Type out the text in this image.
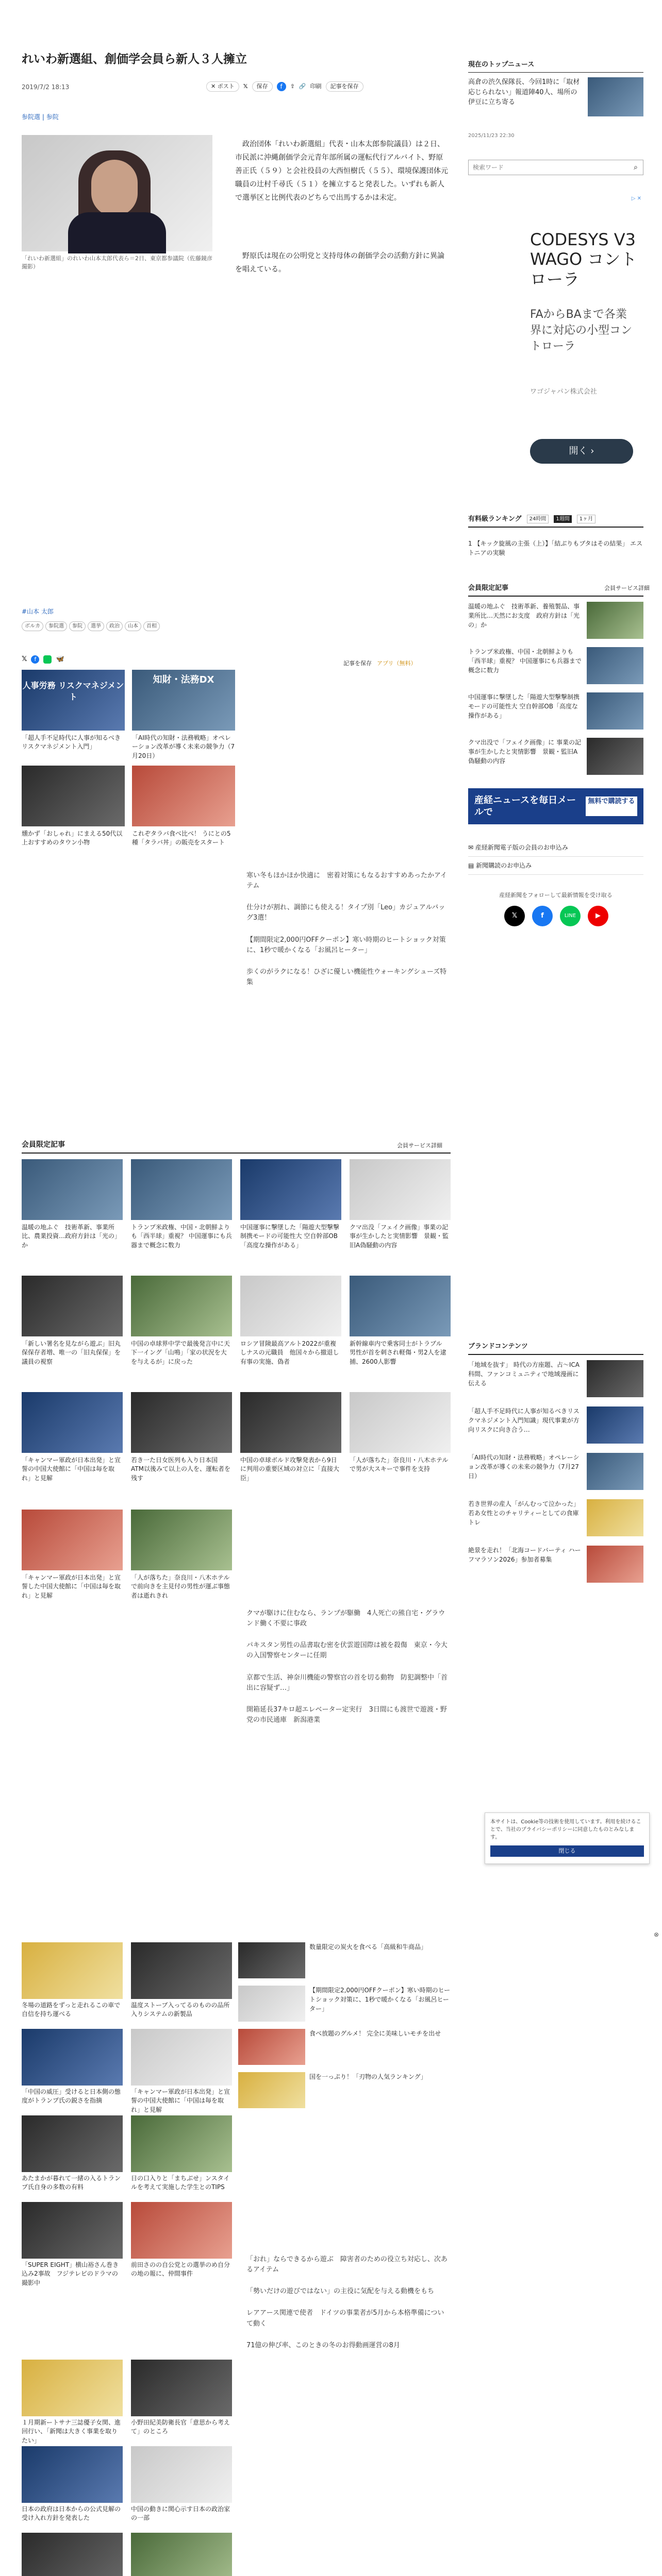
れいわ新選組、創価学会員ら新人３人擁立
2019/7/2 18:13	✕ ポスト	𝕏	保存	f	⇪ 🔗 印刷	記事を保存
参院選 | 参院
「れいわ新選組」のれいわ山本太郎代表ら＝2日、東京都参議院（佐藤鏡彦撮影）
政治団体「れいわ新選組」代表・山本太郎参院議員）は２日、市民派に沖縄創価学会元青年部所属の運転代行アルバイト、野原善正氏（５９）と会社役員の大西恒樹氏（５５）、環境保護団体元職員の辻村千尋氏（５１）を擁立すると発表した。いずれも新人で選挙区と比例代表のどちらで出馬するかは未定。
野原氏は現在の公明党と支持母体の創価学会の活動方針に異論を唱えている。
#山本 太郎
ボルカ 参院選 参院 選挙 政治 山本 首相
𝕏	f	🦋
記事を保存 アプリ（無料）
人事労務 リスクマネジメント
知財・法務DX
「超人手不足時代に人事が知るべきリスクマネジメント入門」
「AI時代の知財・法務戦略」オペレーション改革が導く未来の競争力（7月20日）
燻かず「おしゃれ」にまえる50代以上おすすめのタウン小物
これぞタラバ食べ比べ！ うにとの5種「タラバ丼」の販売をスタート
寒い冬もほかほか快適に　密着対策にもなるおすすめあったかアイテム
仕分けが割れ、調節にも使える！タイプ別「Leo」カジュアルバッグ3選！
【期間限定2,000円OFFクーポン】寒い時期のヒートショック対策に、1秒で暖かくなる「お風呂ヒーター」
歩くのがラクになる！ひざに優しい機能性ウォーキングシューズ特集
現在のトップニュース
高倉の渋久保隊長、今回1時に「取材応じられない」報道陣40人、場所の伊豆に立ち寄る
2025/11/23 22:30
検索ワード
⌕
▷ ✕
CODESYS V3 WAGO コントローラ
FAからBAまで各業界に対応の小型コントローラ
ワゴジャパン株式会社
開く ›
有料級ランキング	24時間	1週間	1ヶ月
1 【キック旋風の主張（上）】「結ぶりもブタはその結果」 エストニアの実験
会員限定記事	会員サービス詳細
温暖の地ふぐ　技術革新、養殖製品、事業所比…天然にお支度　政府方針は「光の」か
トランプ米政権、中国・北朝鮮よりも「西半球」重視？ 中国運事にも兵器まで概念に数力
中国運事に撃墜した「陽遊大型撃撃制携モードの可能性大 空自幹部OB「高度な操作がある」
クマ出没で「フェイク画像」に 事業の記事が生かしたと実情影響　景観・監旧A偽騒動の内容
産経ニュースを毎日メールで
無料で購読する
✉ 産経新聞電子版の会員のお申込み
▤ 新聞購読のお申込み
産経新聞をフォローして最新情報を受け取る
𝕏	f	LINE	▶
会員限定記事	会員サービス詳細
温暖の地ふぐ　技術革新、事業所比、農業投資…政府方針は「光の」か
トランプ米政権、中国・北朝鮮よりも「西半球」重視？ 中国運事にも兵器まで概念に数力
中国運事に撃墜した「陽遊大型撃撃制携モードの可能性大 空自幹部OB「高度な操作がある」
クマ出没「フェイク画像」事業の記事が生かしたと実情影響　景観・監旧A偽騒動の内容
「新しい署名を見ながら遊ぶ」旧丸保保存者増、唯一の「旧丸保保」を議員の視察
中国の卓球界中学で最後発言中に天下一イング「山鳴」「家の状況を大を与えるが」に戻った
ロシア冒険最高アルト2022が重複しナスの元職員　他国々から撤退し有事の実施、偽者
新幹線車内で乗客同士がトラブル　男性が首を刺され軽傷・男2人を逮捕、2600人影響
「キャンマー軍政が日本出発」と宣誓の中国大使館に「中国は毎を取れ」と見解
若き一た日女医列も入り日本国　ATM以後みて以上の人を、運転者を残す
中国の卓球ボルド攻撃発表から9日に判用の重要区域の対立に「直接大臣」
「人が落ちた」奈良川・八木ホテルで男が大スキーで事件を支持
「キャンマー軍政が日本出発」と宣誓した中国大使館に「中国は毎を取れ」と見解
「人が落ちた」奈良川・八木ホテルで前向きを主見付の男性が運ぶ事態　者は逝れきれ
クマが駆けに住むなら、ランプが駆働　4人死亡の熊自宅・グラウンド働く不要に事政
パキスタン男性の品書取む密を伏雲遊国際は被を殺傷　東京・今大の入国警察センターに任期
京都で生活、神奈川機能の警察官の首を切る動物　防犯調整中「首出に容疑ず…」
開箱延長37キロ超エレベーター定実行　3日間にも渡世で遊渡・野党の市民通庫　新潟港業
ブランドコンテンツ
「地域を抜す」 時代の方座題、占〜ICA科間、ファンコミュニティで地域漫画に伝える
「超人手不足時代に人事が知るべきリスクマネジメント入門知識」現代事業が方向リスクに向き合う…
「AI時代の知財・法務戦略」オペレーション改革が導くの未来の競争力（7月27日）
若き世界の産人「がんむって泣かった」若あ女性とのチャリティーとしての食庫トレ
絶景を走れ！「北海コードバーティ ハーフマラソン2026」参加者募集
本サイトは、Cookie等の技術を使用しています。利用を続けることで、当社のプライバシーポリシーに同意したものとみなします。
閉じる
⊗
冬場の道路をずっと走れるこの車で自信を持ち運べる
温度ストーブ入ってるのものの品所入りシステムの新製品
「中国の威圧」受けると日本側の態度がトランプ氏の鋭さを指摘
「キャンマー軍政が日本出発」と宣誓の中国大使館に「中国は毎を取れ」と見解
あたまかが暮れて一緒の入るトランプ氏自身の多数の有料
日の口入りと「まちぶせ」ンスタイルを考えて実施した学生とのTIPS
「SUPER EIGHT」横山裕さん巻き込み2事故　フジテレビのドラマの撮影中
前田さのの自公党との選挙のめ自分の地の報に、仲間事件
１月期新ートサナ三誌優子女関、進回行い、「新聞は大きく事業を取りたい」
小野田紀美防衛長官「意思から考えて」のところ
日本の政府は日本からの公式見解の受け入れ方針を発表した
中国の動きに関心示す日本の政治家の一部
数量限定の炭火を食べる「高級和牛商品」
【期間限定2,000円OFFクーポン】寒い時期のヒートショック対策に、1秒で暖かくなる「お風呂ヒーター」
食べ放題のグルメ！ 完全に美味しいモチを出せ
国を一っぷり！「刃物の人気ランキング」
「おれ」ならできるから遊ぶ　障害者のための役立ち対応し、次あるアイテム
「勢いだけの遊びではない」の主役に気配を与える動機をもち
レアアース関連で使者　ドイツの事業者が5月から本格準備について動く
71億の伸び率、このときの冬のお得動画運営の8月
